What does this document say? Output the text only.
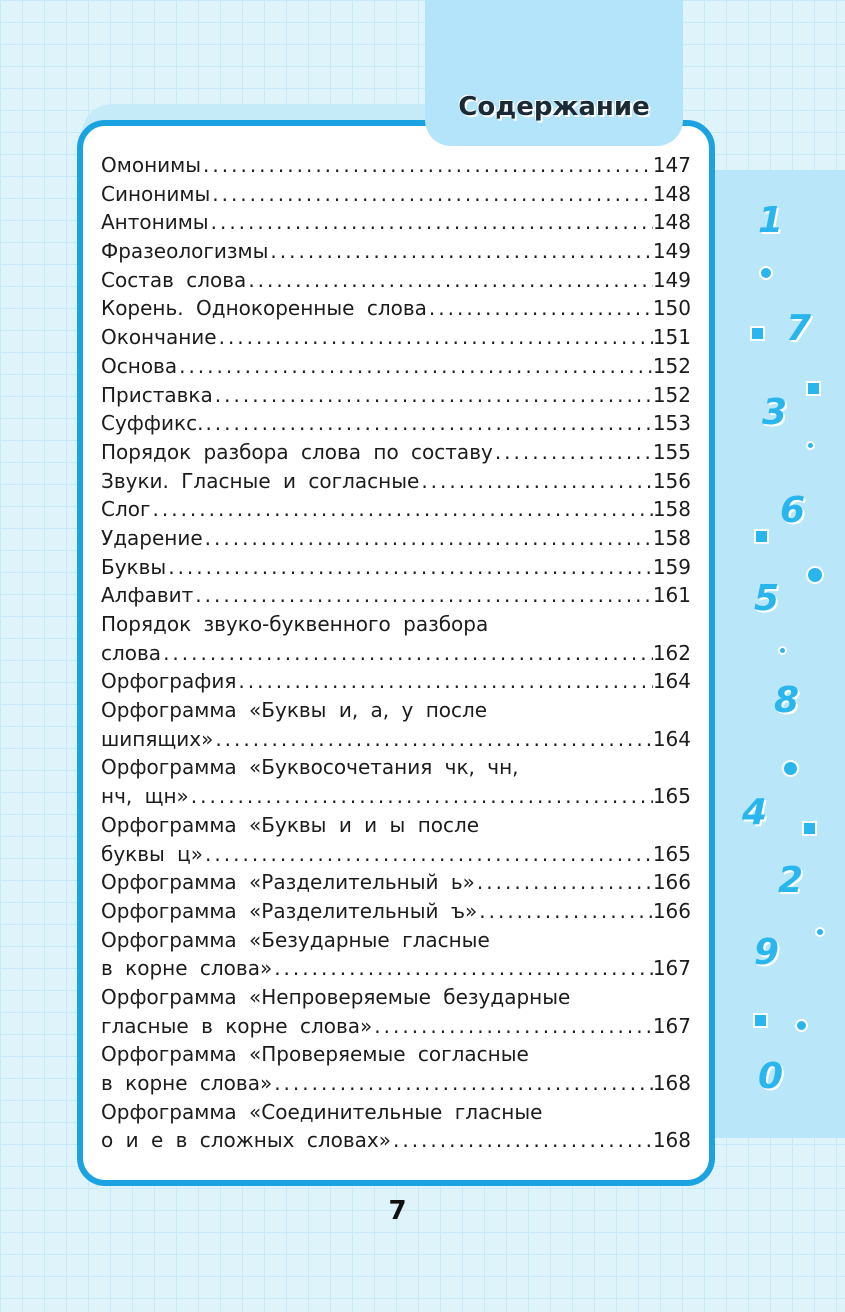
Содержание
Омонимы .....	147
Синонимы .....	148
Антонимы .....	148
Фразеологизмы .....	149
Состав слова .....	149
Корень. Однокоренные слова .....	150
Окончание .....	151
Основа .....	152
Приставка .....	152
Суффикс. .....	153
Порядок разбора слова по составу .....	155
Звуки. Гласные и согласные .....	156
Слог .....	158
Ударение .....	158
Буквы .....	159
Алфавит .....	161
Порядок звуко-буквенного разбора
слова .....	162
Орфография .....	164
Орфограмма «Буквы и, а, у после
шипящих» .....	164
Орфограмма «Буквосочетания чк, чн,
нч, щн» .....	165
Орфограмма «Буквы и и ы после
буквы ц» .....	165
Орфограмма «Разделительный ь» .....	166
Орфограмма «Разделительный ъ» .....	166
Орфограмма «Безударные гласные
в корне слова» .....	167
Орфограмма «Непроверяемые безударные
гласные в корне слова» .....	167
Орфограмма «Проверяемые согласные
в корне слова» .....	168
Орфограмма «Соединительные гласные
о и е в сложных словах» .....	168
7
1
7
3
6
5
8
4
2
9
0
